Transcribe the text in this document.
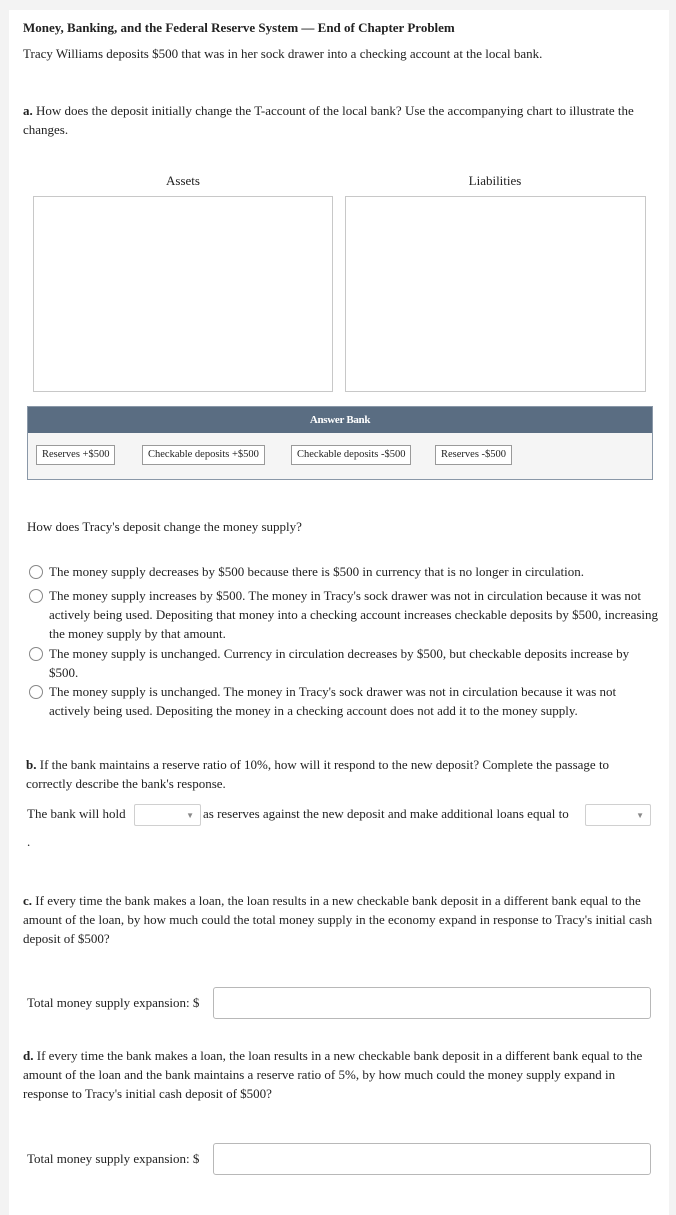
Money, Banking, and the Federal Reserve System — End of Chapter Problem
Tracy Williams deposits $500 that was in her sock drawer into a checking account at the local bank.
a. How does the deposit initially change the T-account of the local bank? Use the accompanying chart to illustrate the changes.
Assets	Liabilities
Answer Bank
Reserves +$500	Checkable deposits +$500	Checkable deposits -$500	Reserves -$500
How does Tracy's deposit change the money supply?
The money supply decreases by $500 because there is $500 in currency that is no longer in circulation.
The money supply increases by $500. The money in Tracy's sock drawer was not in circulation because it was not actively being used. Depositing that money into a checking account increases checkable deposits by $500, increasing the money supply by that amount.
The money supply is unchanged. Currency in circulation decreases by $500, but checkable deposits increase by $500.
The money supply is unchanged. The money in Tracy's sock drawer was not in circulation because it was not actively being used. Depositing the money in a checking account does not add it to the money supply.
b. If the bank maintains a reserve ratio of 10%, how will it respond to the new deposit? Complete the passage to correctly describe the bank's response.
The bank will hold	▼ as reserves against the new deposit and make additional loans equal to	▼
.
c. If every time the bank makes a loan, the loan results in a new checkable bank deposit in a different bank equal to the amount of the loan, by how much could the total money supply in the economy expand in response to Tracy's initial cash deposit of $500?
Total money supply expansion: $
d. If every time the bank makes a loan, the loan results in a new checkable bank deposit in a different bank equal to the amount of the loan and the bank maintains a reserve ratio of 5%, by how much could the money supply expand in response to Tracy's initial cash deposit of $500?
Total money supply expansion: $
